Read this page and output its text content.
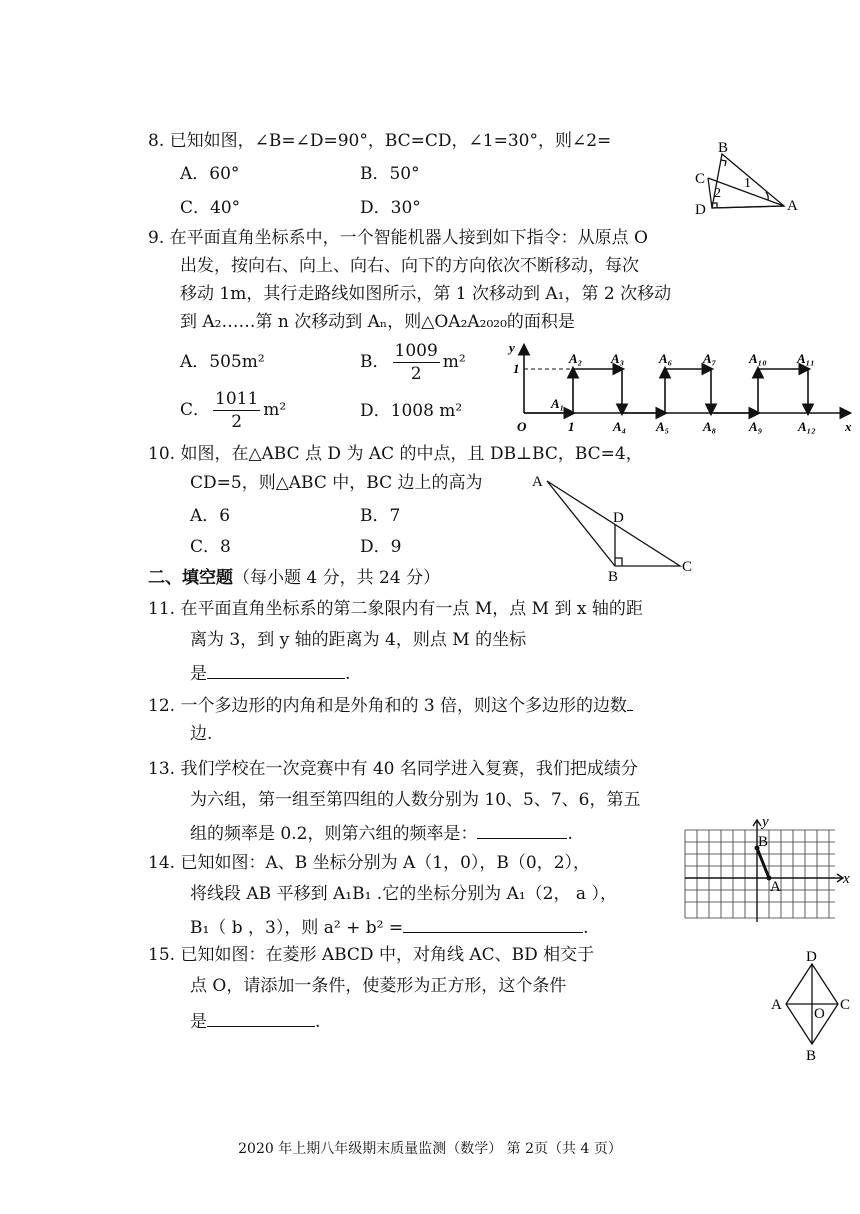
8. 已知如图，∠B=∠D=90°，BC=CD，∠1=30°，则∠2=
A．60°	B．50°
C．40°	D．30°
B
C
D	A
1
2
9. 在平面直角坐标系中，一个智能机器人接到如下指令：从原点 O
出发，按向右、向上、向右、向下的方向依次不断移动，每次
移动 1m，其行走路线如图所示，第 1 次移动到 A₁，第 2 次移动
到 A₂……第 n 次移动到 Aₙ，则△OA₂A₂₀₂₀的面积是
A．505m²	B． $\frac{1009}{2} m^2$
C． $\frac{1011}{2} m^2$	D．1008 m²
y
x
O	1
1
A₁
A₂ A₃
A₄ A₅
A₆ A₇
A₈	A₉
A₁₀ A₁₁
A₁₂
10. 如图，在△ABC 点 D 为 AC 的中点，且 DB⊥BC，BC=4，
CD=5，则△ABC 中，BC 边上的高为
A．6	B．7
C．8	D．9
A
D
B
C
二、填空题（每小题 4 分，共 24 分）
11. 在平面直角坐标系的第二象限内有一点 M，点 M 到 x 轴的距
离为 3，到 y 轴的距离为 4，则点 M 的坐标
是	.
12. 一个多边形的内角和是外角和的 3 倍，则这个多边形的边数
边.
13. 我们学校在一次竞赛中有 40 名同学进入复赛，我们把成绩分
为六组，第一组至第四组的人数分别为 10、5、7、6，第五
组的频率是 0.2，则第六组的频率是：	.
14. 已知如图：A、B 坐标分别为 A（1，0），B（0，2），
将线段 AB 平移到 A₁B₁ .它的坐标分别为 A₁（2， a ），
B₁（ b ，3），则 a² + b² =	.
y
x
B
A
15. 已知如图：在菱形 ABCD 中，对角线 AC、BD 相交于
点 O，请添加一条件，使菱形为正方形，这个条件
是	.
D
A
O
C
B
2020 年上期八年级期末质量监测（数学） 第 2页（共 4 页）
